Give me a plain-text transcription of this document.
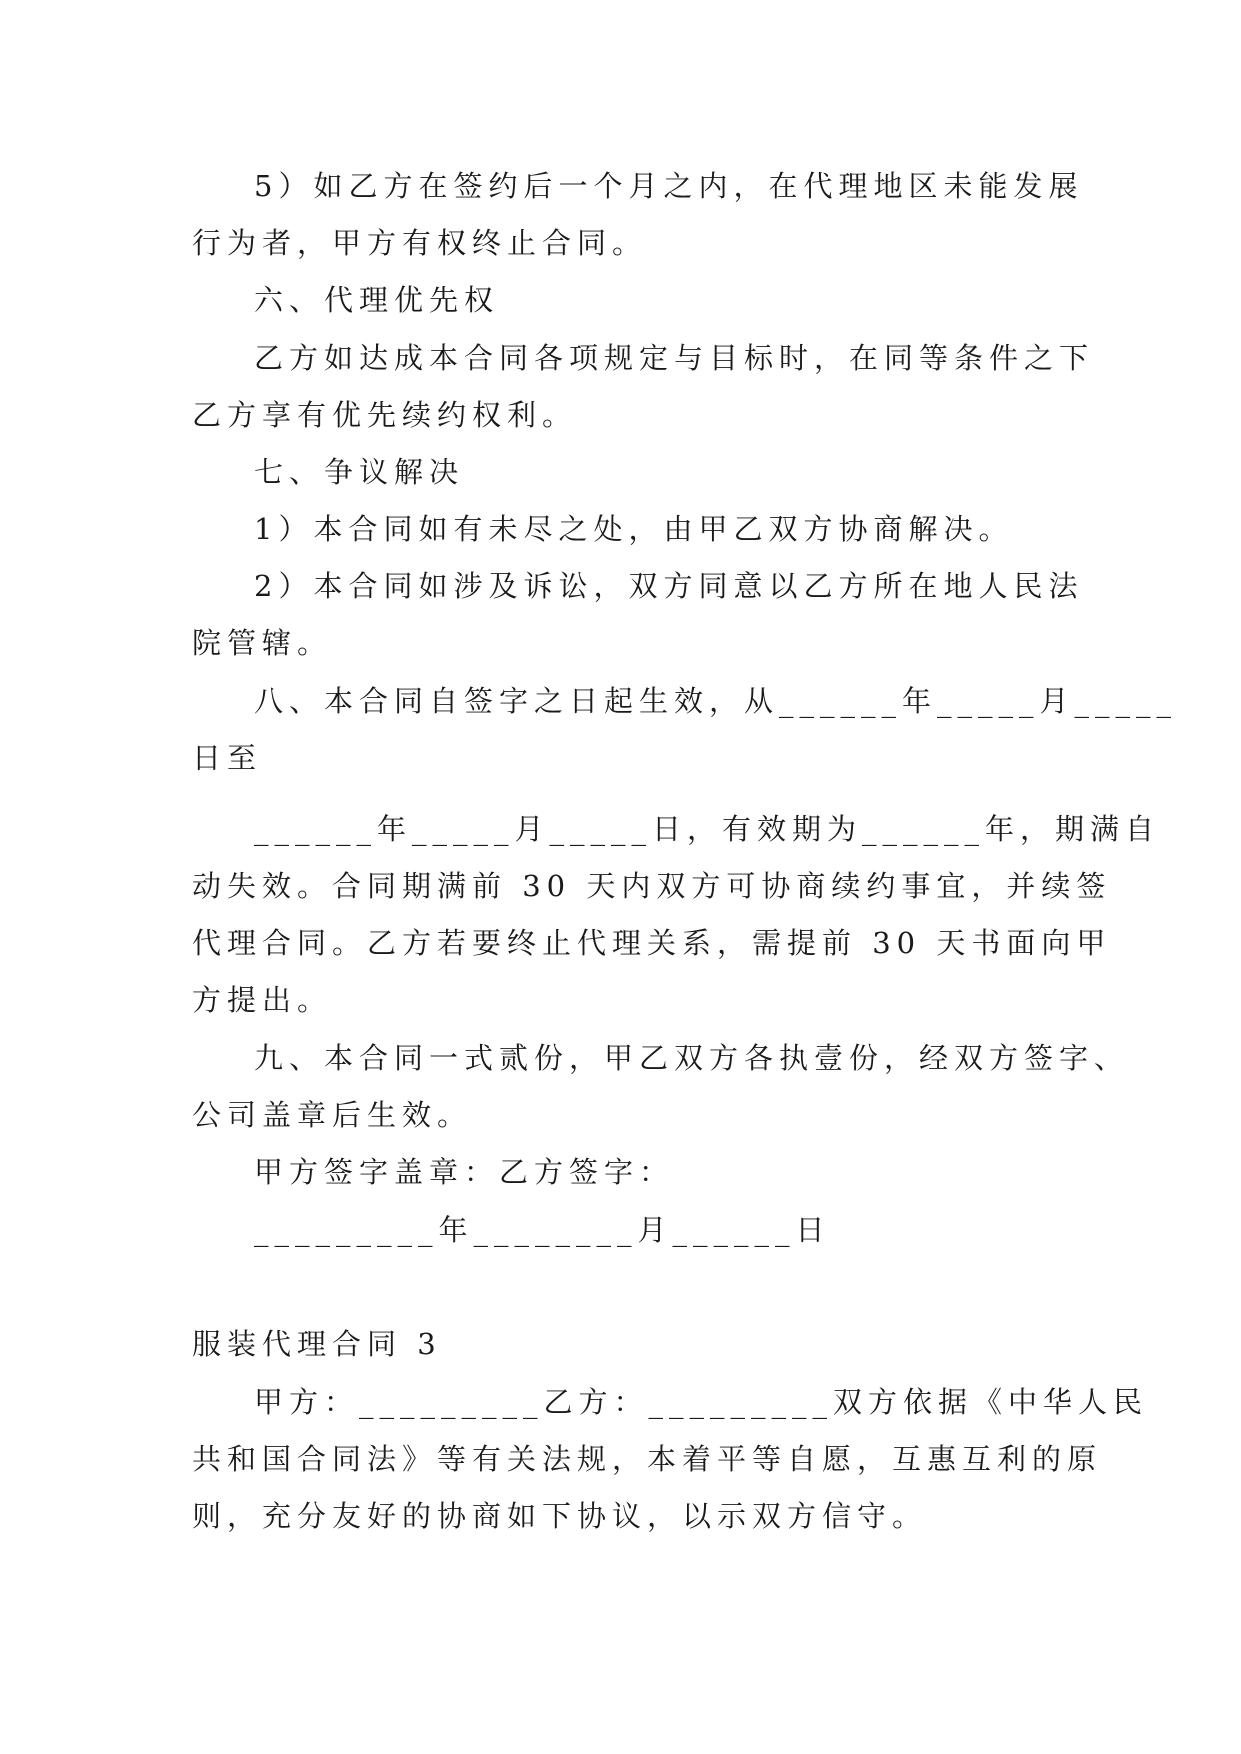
5）如乙方在签约后一个月之内，在代理地区未能发展
行为者，甲方有权终止合同。
六、代理优先权
乙方如达成本合同各项规定与目标时，在同等条件之下
乙方享有优先续约权利。
七、争议解决
1）本合同如有未尽之处，由甲乙双方协商解决。
2）本合同如涉及诉讼，双方同意以乙方所在地人民法
院管辖。
八、本合同自签字之日起生效，从______年_____月_____
日至
______年_____月_____日，有效期为______年，期满自
动失效。合同期满前 30 天内双方可协商续约事宜，并续签
代理合同。乙方若要终止代理关系，需提前 30 天书面向甲
方提出。
九、本合同一式贰份，甲乙双方各执壹份，经双方签字、
公司盖章后生效。
甲方签字盖章：乙方签字：
_________年________月______日
服装代理合同 3
甲方：_________乙方：_________双方依据《中华人民
共和国合同法》等有关法规，本着平等自愿，互惠互利的原
则，充分友好的协商如下协议，以示双方信守。
